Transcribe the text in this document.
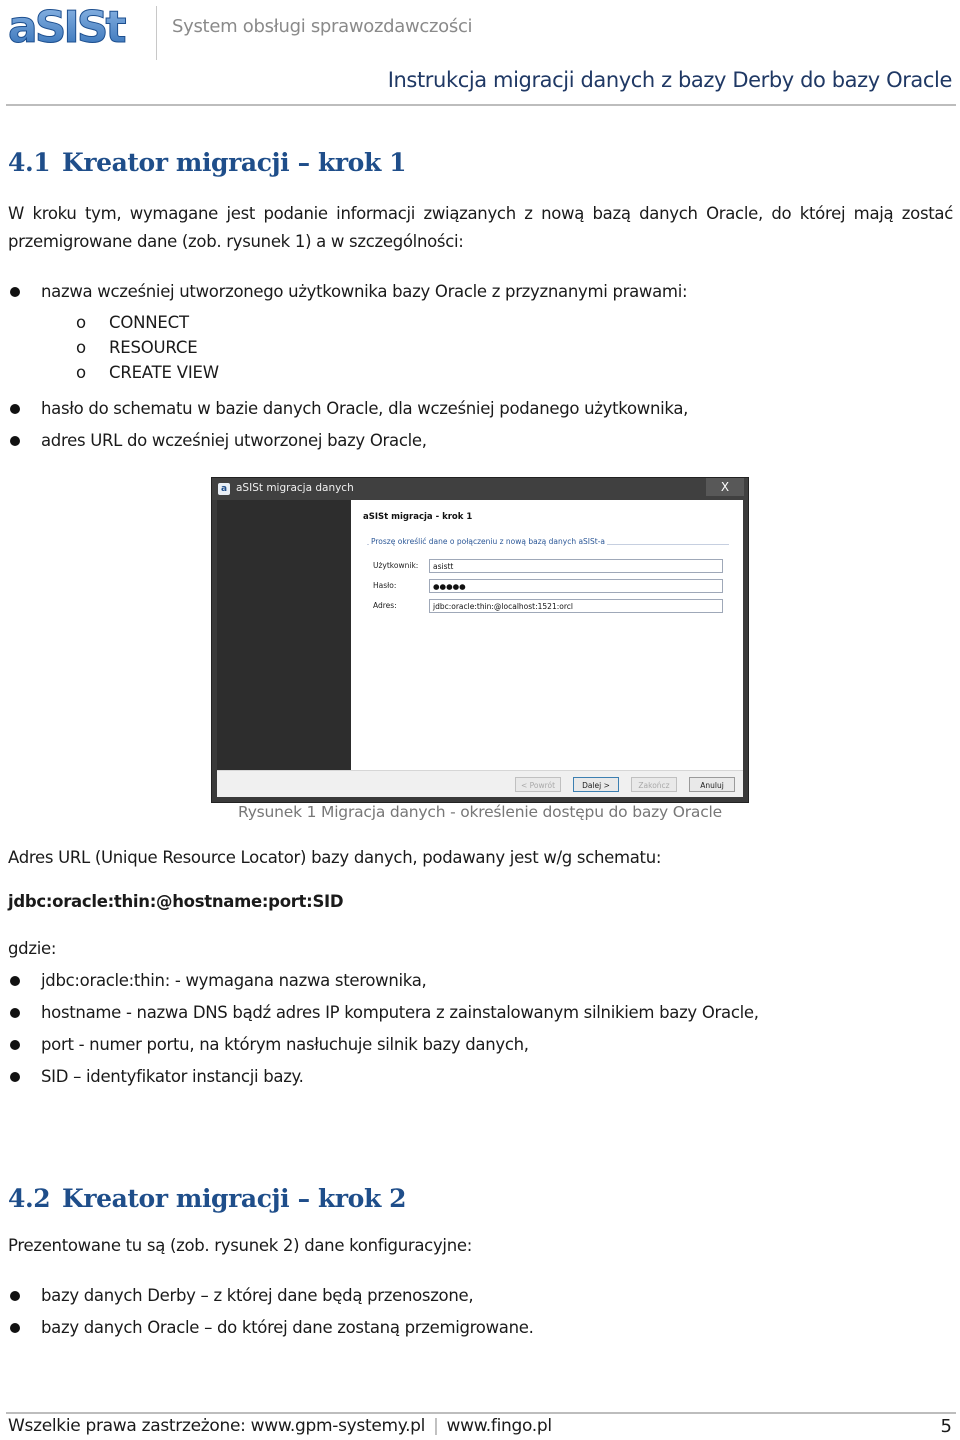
aSISt	System obsługi sprawozdawczości
Instrukcja migracji danych z bazy Derby do bazy Oracle
4.1 Kreator migracji – krok 1
W kroku tym, wymagane jest podanie informacji związanych z nową bazą danych Oracle, do której mają zostać przemigrowane dane (zob. rysunek 1) a w szczególności:
nazwa wcześniej utworzonego użytkownika bazy Oracle z przyznanymi prawami:
o CONNECT
o RESOURCE
o CREATE VIEW
hasło do schematu w bazie danych Oracle, dla wcześniej podanego użytkownika,
adres URL do wcześniej utworzonej bazy Oracle,
a aSISt migracja danych	X
aSISt migracja - krok 1
Proszę określić dane o połączeniu z nową bazą danych aSISt-a
Użytkownik:	asistt
Hasło:	●●●●●
Adres:	jdbc:oracle:thin:@localhost:1521:orcl
< Powrót	Dalej >	Zakończ	Anuluj
Rysunek 1 Migracja danych - określenie dostępu do bazy Oracle
Adres URL (Unique Resource Locator) bazy danych, podawany jest w/g schematu:
jdbc:oracle:thin:@hostname:port:SID
gdzie:
jdbc:oracle:thin: - wymagana nazwa sterownika,
hostname - nazwa DNS bądź adres IP komputera z zainstalowanym silnikiem bazy Oracle,
port - numer portu, na którym nasłuchuje silnik bazy danych,
SID – identyfikator instancji bazy.
4.2 Kreator migracji – krok 2
Prezentowane tu są (zob. rysunek 2) dane konfiguracyjne:
bazy danych Derby – z której dane będą przenoszone,
bazy danych Oracle – do której dane zostaną przemigrowane.
Wszelkie prawa zastrzeżone: www.gpm-systemy.pl | www.fingo.pl	5
